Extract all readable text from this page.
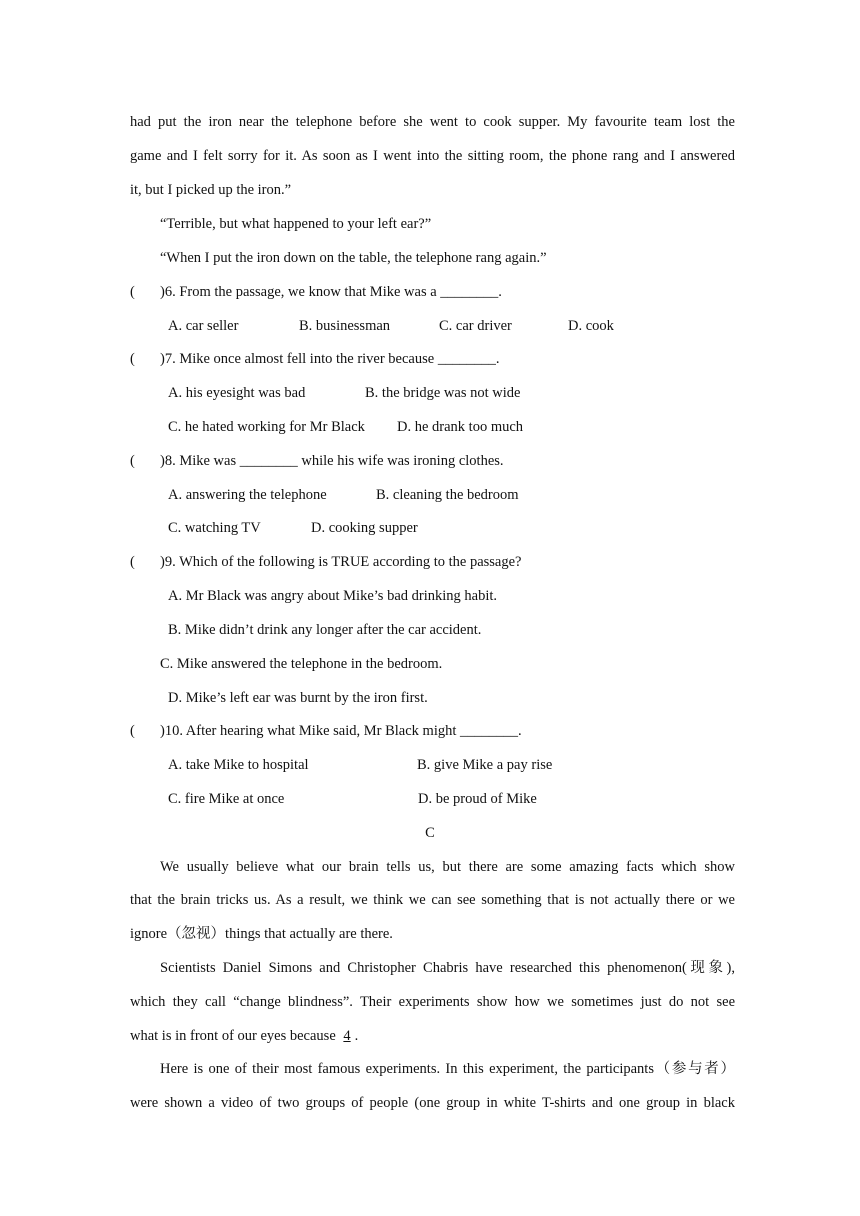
had put the iron near the telephone before she went to cook supper. My favourite team lost the
game and I felt sorry for it. As soon as I went into the sitting room, the phone rang and I answered
it, but I picked up the iron.”
“Terrible, but what happened to your left ear?”
“When I put the iron down on the table, the telephone rang again.”
( )6. From the passage, we know that Mike was a ________.
A. car seller	B. businessman	C. car driver	D. cook
( )7. Mike once almost fell into the river because ________.
A. his eyesight was bad	B. the bridge was not wide
C. he hated working for Mr Black D. he drank too much
( )8. Mike was ________ while his wife was ironing clothes.
A. answering the telephone	B. cleaning the bedroom
C. watching TV	D. cooking supper
( )9. Which of the following is TRUE according to the passage?
A. Mr Black was angry about Mike’s bad drinking habit.
B. Mike didn’t drink any longer after the car accident.
C. Mike answered the telephone in the bedroom.
D. Mike’s left ear was burnt by the iron first.
( )10. After hearing what Mike said, Mr Black might ________.
A. take Mike to hospital	B. give Mike a pay rise
C. fire Mike at once	D. be proud of Mike
C
We usually believe what our brain tells us, but there are some amazing facts which show
that the brain tricks us. As a result, we think we can see something that is not actually there or we
ignore（忽视）things that actually are there.
Scientists Daniel Simons and Christopher Chabris have researched this phenomenon(现象),
which they call “change blindness”. Their experiments show how we sometimes just do not see
what is in front of our eyes because 4 .
Here is one of their most famous experiments. In this experiment, the participants（参与者）
were shown a video of two groups of people (one group in white T-shirts and one group in black
